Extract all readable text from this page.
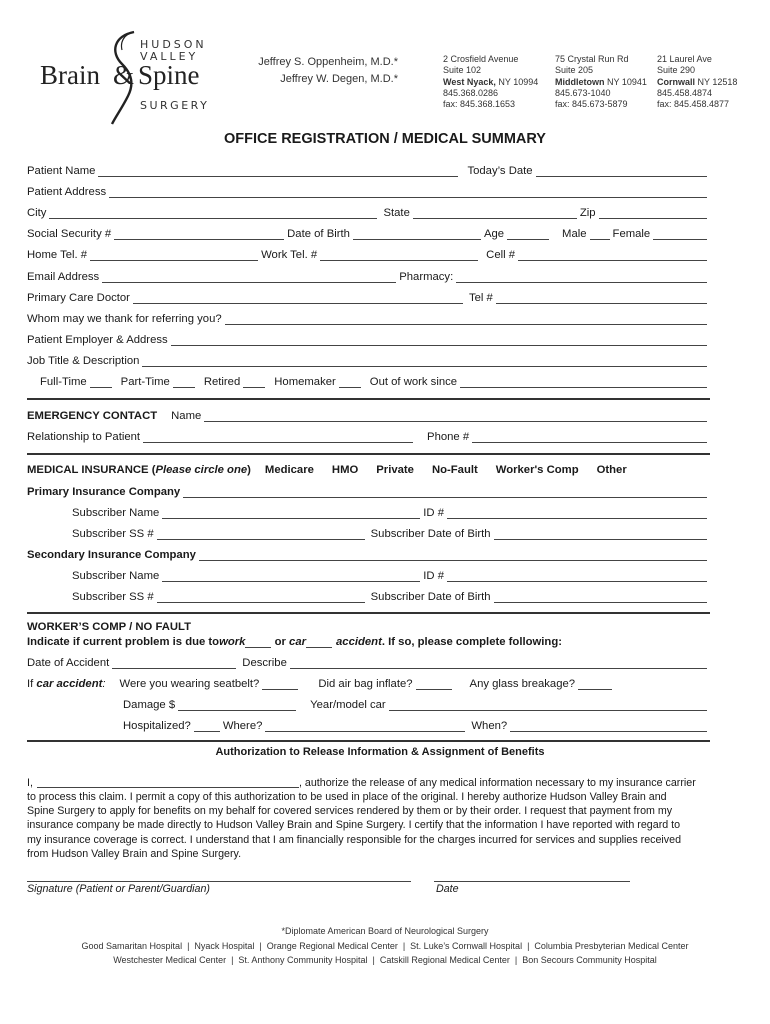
HUDSON
VALLEY
Brain & Spine
SURGERY
Jeffrey S. Oppenheim, M.D.*
Jeffrey W. Degen, M.D.*
2 Crosfield Avenue
Suite 102
West Nyack, NY 10994
845.368.0286
fax: 845.368.1653
75 Crystal Run Rd
Suite 205
Middletown NY 10941
845.673-1040
fax: 845.673-5879
21 Laurel Ave
Suite 290
Cornwall NY 12518
845.458.4874
fax: 845.458.4877
OFFICE REGISTRATION / MEDICAL SUMMARY
Patient Name	Today’s Date
Patient Address
City	State	Zip
Social Security #	Date of Birth	Age	Male Female
Home Tel. #	Work Tel. #	Cell #
Email Address	Pharmacy:
Primary Care Doctor	Tel #
Whom may we thank for referring you?
Patient Employer & Address
Job Title & Description
Full-Time	Part-Time	Retired	Homemaker	Out of work since
EMERGENCY CONTACT Name
Relationship to Patient	Phone #
MEDICAL INSURANCE (Please circle one) Medicare HMO Private No-Fault Worker's Comp Other
Primary Insurance Company
Subscriber Name	ID #
Subscriber SS #	Subscriber Date of Birth
Secondary Insurance Company
Subscriber Name	ID #
Subscriber SS #	Subscriber Date of Birth
WORKER’S COMP / NO FAULT
Indicate if current problem is due to work or car	accident . If so, please complete following:
Date of Accident	Describe
If car accident: Were you wearing seatbelt?	Did air bag inflate?	Any glass breakage?
Damage $	Year/model car
Hospitalized?	Where?	When?
Authorization to Release Information & Assignment of Benefits
I,	, authorize the release of any medical information necessary to my insurance carrier
to process this claim. I permit a copy of this authorization to be used in place of the original. I hereby authorize Hudson Valley Brain and
Spine Surgery to apply for benefits on my behalf for covered services rendered by them or by their order. I request that payment from my
insurance company be made directly to Hudson Valley Brain and Spine Surgery. I certify that the information I have reported with regard to
my insurance coverage is correct. I understand that I am financially responsible for the charges incurred for services and supplies received
from Hudson Valley Brain and Spine Surgery.
Signature (Patient or Parent/Guardian)	Date
*Diplomate American Board of Neurological Surgery
Good Samaritan Hospital  |  Nyack Hospital  |  Orange Regional Medical Center  |  St. Luke’s Cornwall Hospital  |  Columbia Presbyterian Medical Center
Westchester Medical Center  |  St. Anthony Community Hospital  |  Catskill Regional Medical Center  |  Bon Secours Community Hospital
